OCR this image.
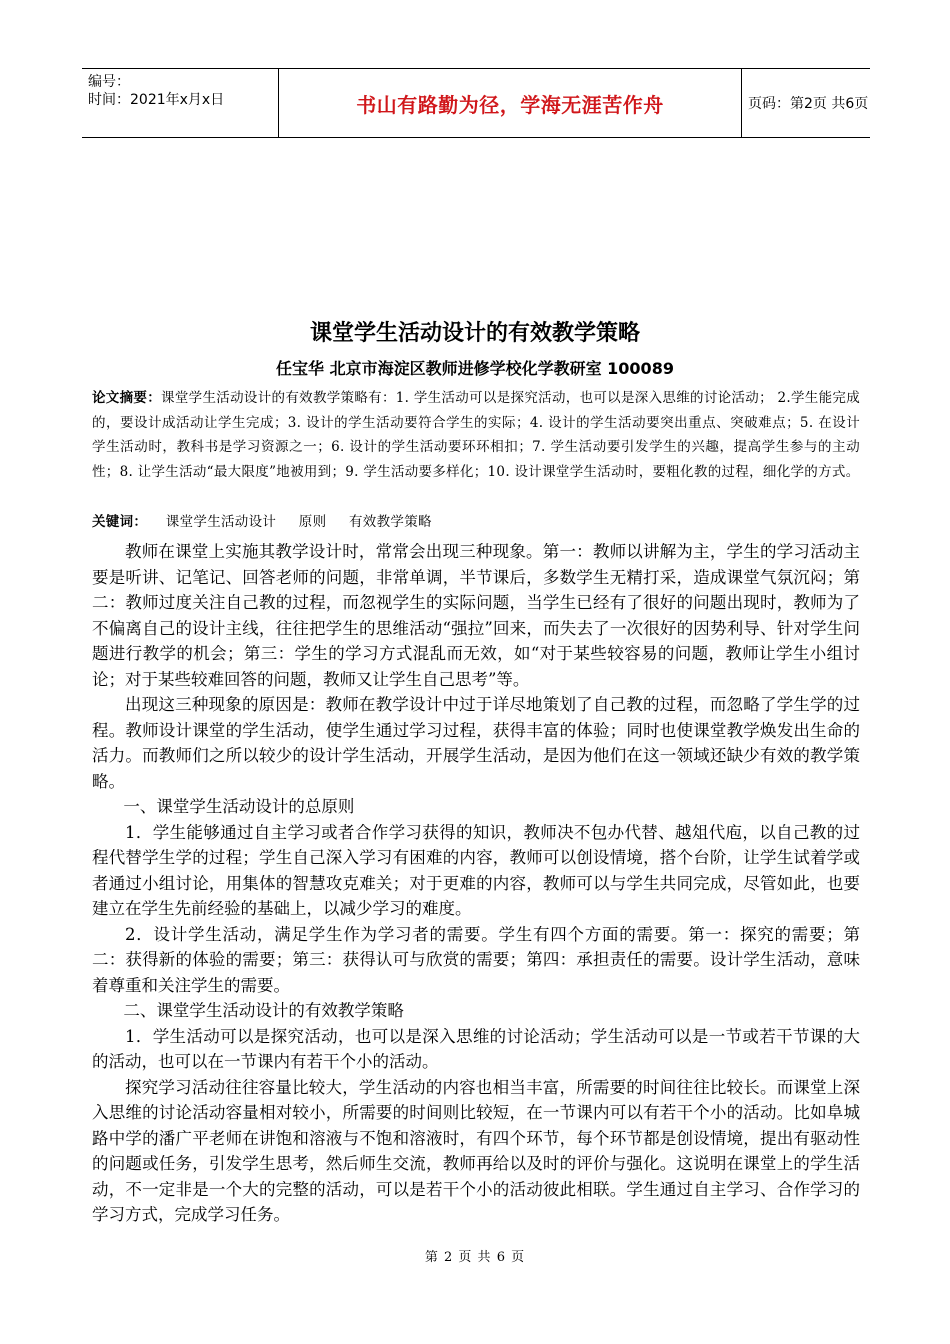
编号：
时间：2021年x月x日	书山有路勤为径，学海无涯苦作舟	页码：第2页 共6页
课堂学生活动设计的有效教学策略
任宝华 北京市海淀区教师进修学校化学教研室 100089
论文摘要：课堂学生活动设计的有效教学策略有：1. 学生活动可以是探究活动，也可以是深入思维的讨论活动； 2.学生能完成的，要设计成活动让学生完成；3. 设计的学生活动要符合学生的实际；4. 设计的学生活动要突出重点、突破难点；5. 在设计学生活动时，教科书是学习资源之一；6. 设计的学生活动要环环相扣；7. 学生活动要引发学生的兴趣，提高学生参与的主动性；8. 让学生活动“最大限度”地被用到；9. 学生活动要多样化；10. 设计课堂学生活动时，要粗化教的过程，细化学的方式。
关键词： 课堂学生活动设计 原则 有效教学策略

教师在课堂上实施其教学设计时，常常会出现三种现象。第一：教师以讲解为主，学生的学习活动主要是听讲、记笔记、回答老师的问题，非常单调，半节课后，多数学生无精打采，造成课堂气氛沉闷；第二：教师过度关注自己教的过程，而忽视学生的实际问题，当学生已经有了很好的问题出现时，教师为了不偏离自己的设计主线，往往把学生的思维活动“强拉”回来，而失去了一次很好的因势利导、针对学生问题进行教学的机会；第三：学生的学习方式混乱而无效，如“对于某些较容易的问题，教师让学生小组讨论；对于某些较难回答的问题，教师又让学生自己思考”等。

出现这三种现象的原因是：教师在教学设计中过于详尽地策划了自己教的过程，而忽略了学生学的过程。教师设计课堂的学生活动，使学生通过学习过程，获得丰富的体验；同时也使课堂教学焕发出生命的活力。而教师们之所以较少的设计学生活动，开展学生活动，是因为他们在这一领域还缺少有效的教学策略。

一、课堂学生活动设计的总原则

1．学生能够通过自主学习或者合作学习获得的知识，教师决不包办代替、越俎代庖，以自己教的过程代替学生学的过程；学生自己深入学习有困难的内容，教师可以创设情境，搭个台阶，让学生试着学或者通过小组讨论，用集体的智慧攻克难关；对于更难的内容，教师可以与学生共同完成，尽管如此，也要建立在学生先前经验的基础上，以减少学习的难度。

2．设计学生活动，满足学生作为学习者的需要。学生有四个方面的需要。第一：探究的需要；第二：获得新的体验的需要；第三：获得认可与欣赏的需要；第四：承担责任的需要。设计学生活动，意味着尊重和关注学生的需要。

二、课堂学生活动设计的有效教学策略

1．学生活动可以是探究活动，也可以是深入思维的讨论活动；学生活动可以是一节或若干节课的大的活动，也可以在一节课内有若干个小的活动。

探究学习活动往往容量比较大，学生活动的内容也相当丰富，所需要的时间往往比较长。而课堂上深入思维的讨论活动容量相对较小，所需要的时间则比较短，在一节课内可以有若干个小的活动。比如阜城路中学的潘广平老师在讲饱和溶液与不饱和溶液时，有四个环节，每个环节都是创设情境，提出有驱动性的问题或任务，引发学生思考，然后师生交流，教师再给以及时的评价与强化。这说明在课堂上的学生活动，不一定非是一个大的完整的活动，可以是若干个小的活动彼此相联。学生通过自主学习、合作学习的学习方式，完成学习任务。

第 2 页 共 6 页
